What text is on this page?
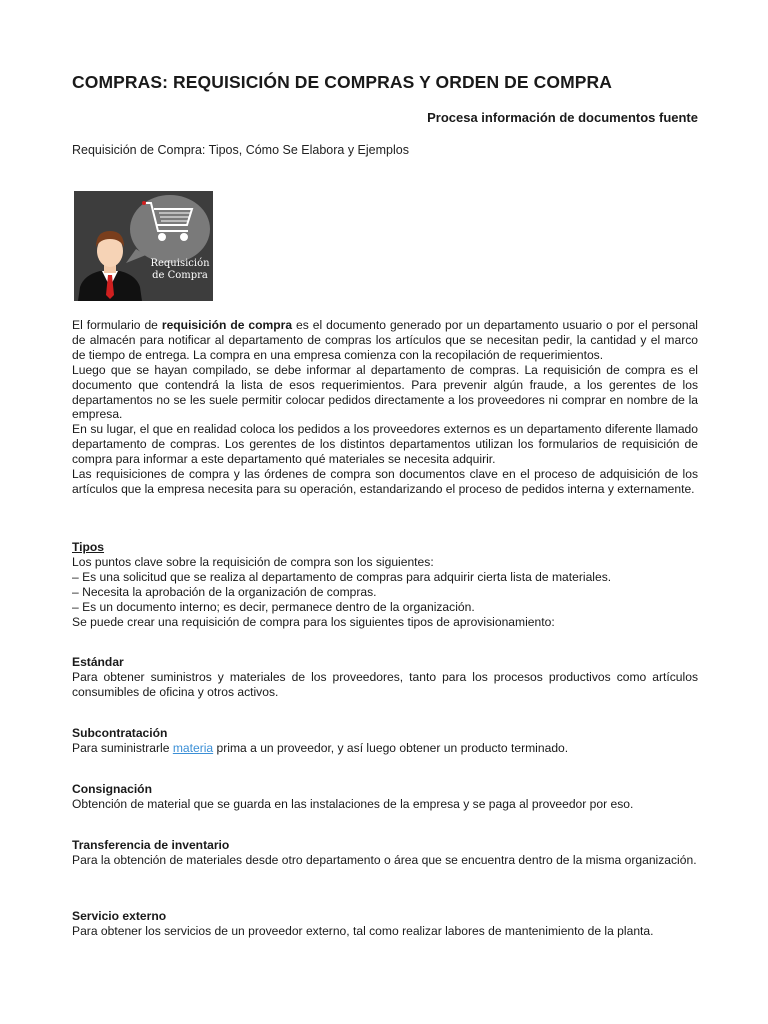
COMPRAS: REQUISICIÓN DE COMPRAS Y ORDEN DE COMPRA
Procesa información de documentos fuente
Requisición de Compra: Tipos, Cómo Se Elabora y Ejemplos
Requisición
de Compra

El formulario de requisición de compra es el documento generado por un departamento usuario o por el personal de almacén para notificar al departamento de compras los artículos que se necesitan pedir, la cantidad y el marco de tiempo de entrega. La compra en una empresa comienza con la recopilación de requerimientos.

Luego que se hayan compilado, se debe informar al departamento de compras. La requisición de compra es el documento que contendrá la lista de esos requerimientos. Para prevenir algún fraude, a los gerentes de los departamentos no se les suele permitir colocar pedidos directamente a los proveedores ni comprar en nombre de la empresa.

En su lugar, el que en realidad coloca los pedidos a los proveedores externos es un departamento diferente llamado departamento de compras. Los gerentes de los distintos departamentos utilizan los formularios de requisición de compra para informar a este departamento qué materiales se necesita adquirir.

Las requisiciones de compra y las órdenes de compra son documentos clave en el proceso de adquisición de los artículos que la empresa necesita para su operación, estandarizando el proceso de pedidos interna y externamente.

Tipos
Los puntos clave sobre la requisición de compra son los siguientes:
– Es una solicitud que se realiza al departamento de compras para adquirir cierta lista de materiales.
– Necesita la aprobación de la organización de compras.
– Es un documento interno; es decir, permanece dentro de la organización.
Se puede crear una requisición de compra para los siguientes tipos de aprovisionamiento:
Estándar
Para obtener suministros y materiales de los proveedores, tanto para los procesos productivos como artículos consumibles de oficina y otros activos.
Subcontratación
Para suministrarle materia prima a un proveedor, y así luego obtener un producto terminado.
Consignación
Obtención de material que se guarda en las instalaciones de la empresa y se paga al proveedor por eso.
Transferencia de inventario
Para la obtención de materiales desde otro departamento o área que se encuentra dentro de la misma organización.
Servicio externo
Para obtener los servicios de un proveedor externo, tal como realizar labores de mantenimiento de la planta.
